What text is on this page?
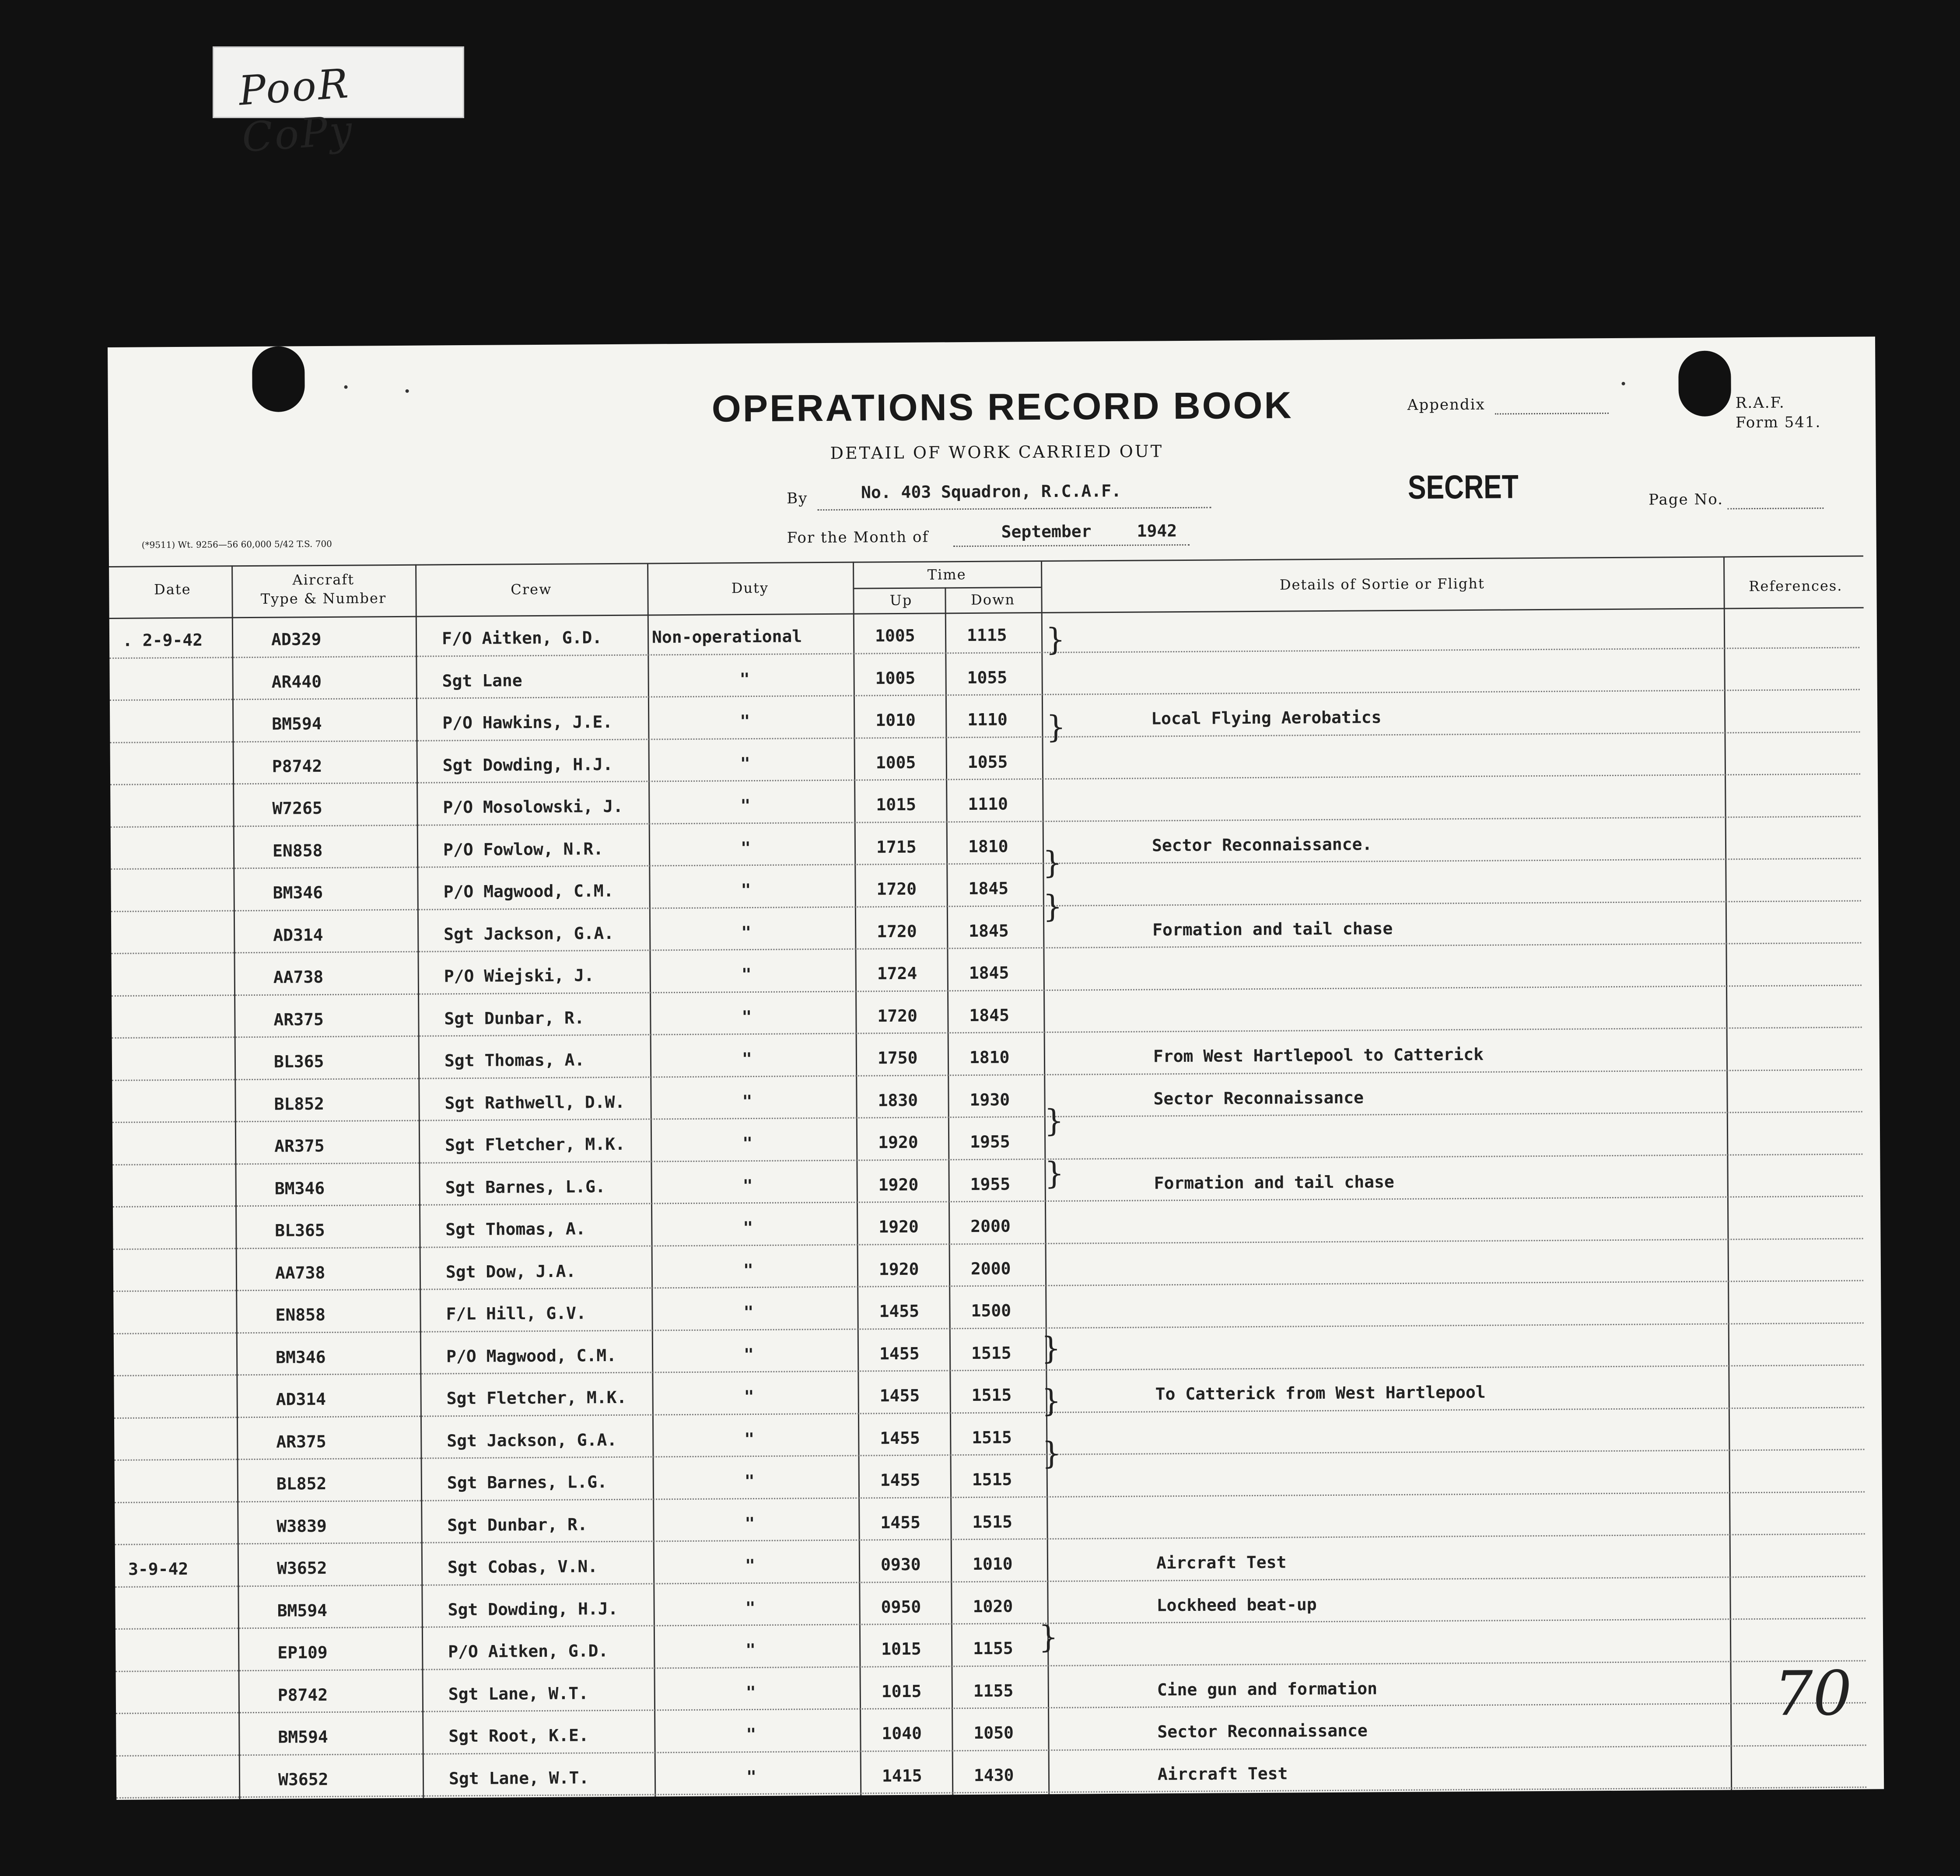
PooR CoPy
OPERATIONS RECORD BOOK
DETAIL OF WORK CARRIED OUT
Appendix	R.A.F.
Form 541.
By	No. 403 Squadron, R.C.A.F.	SECRET	Page No.
(*9511) Wt. 9256—56 60,000 5/42 T.S. 700	For the Month of	September	1942
Date
Aircraft
Type & Number
Crew	Duty
Time
Up	Down
Details of Sortie or Flight	References.
. 2-9-42	AD329	F/O Aitken, G.D.	Non-operational	1005	1115
AR440	Sgt Lane	"	1005	1055
BM594	P/O Hawkins, J.E.	"	1010	1110	Local Flying Aerobatics
P8742	Sgt Dowding, H.J.	"	1005	1055
W7265	P/O Mosolowski, J.	"	1015	1110
EN858	P/O Fowlow, N.R.	"	1715	1810	Sector Reconnaissance.
BM346	P/O Magwood, C.M.	"	1720	1845
AD314	Sgt Jackson, G.A.	"	1720	1845	Formation and tail chase
AA738	P/O Wiejski, J.	"	1724	1845
AR375	Sgt Dunbar, R.	"	1720	1845
BL365	Sgt Thomas, A.	"	1750	1810	From West Hartlepool to Catterick
BL852	Sgt Rathwell, D.W.	"	1830	1930	Sector Reconnaissance
AR375	Sgt Fletcher, M.K.	"	1920	1955
BM346	Sgt Barnes, L.G.	"	1920	1955	Formation and tail chase
BL365	Sgt Thomas, A.	"	1920	2000
AA738	Sgt Dow, J.A.	"	1920	2000
EN858	F/L Hill, G.V.	"	1455	1500
BM346	P/O Magwood, C.M.	"	1455	1515
AD314	Sgt Fletcher, M.K.	"	1455	1515	To Catterick from West Hartlepool
AR375	Sgt Jackson, G.A.	"	1455	1515
BL852	Sgt Barnes, L.G.	"	1455	1515
W3839	Sgt Dunbar, R.	"	1455	1515
3-9-42	W3652	Sgt Cobas, V.N.	"	0930	1010	Aircraft Test
BM594	Sgt Dowding, H.J.	"	0950	1020	Lockheed beat-up
EP109	P/O Aitken, G.D.	"	1015	1155
P8742	Sgt Lane, W.T.	"	1015	1155	Cine gun and formation
BM594	Sgt Root, K.E.	"	1040	1050	Sector Reconnaissance
W3652	Sgt Lane, W.T.	"	1415	1430	Aircraft Test
}
}
}
}
}
}
}
}
}
}
70
